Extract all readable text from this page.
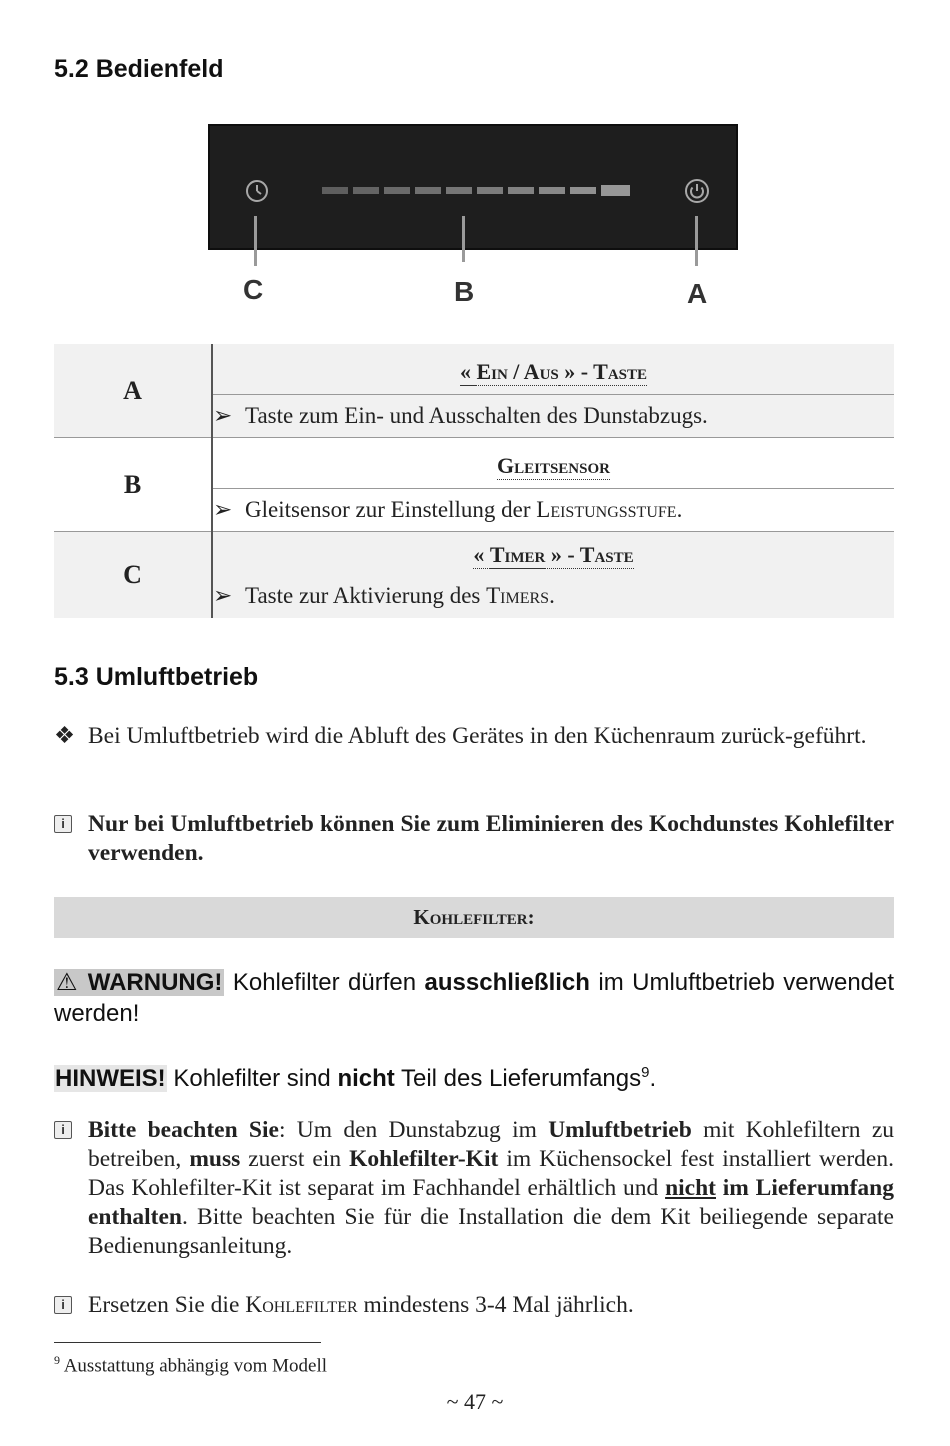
5.2 Bedienfeld
C	B	A
A	« Ein / Aus » - Taste
	➢ Taste zum Ein- und Ausschalten des Dunstabzugs.
B	Gleitsensor
	➢ Gleitsensor zur Einstellung der Leistungsstufe.
C	« Timer » - Taste
	➢ Taste zur Aktivierung des Timers.
5.3 Umluftbetrieb
❖ Bei Umluftbetrieb wird die Abluft des Gerätes in den Küchenraum zurück-geführt.
i Nur bei Umluftbetrieb können Sie zum Eliminieren des Kochdunstes Kohlefilter verwenden.
Kohlefilter:
⚠ WARNUNG! Kohlefilter dürfen ausschließlich im Umluftbetrieb verwendet werden!
HINWEIS! Kohlefilter sind nicht Teil des Lieferumfangs$^9$.
i Bitte beachten Sie: Um den Dunstabzug im Umluftbetrieb mit Kohlefiltern zu betreiben, muss zuerst ein Kohlefilter-Kit im Küchensockel fest installiert werden. Das Kohlefilter-Kit ist separat im Fachhandel erhältlich und nicht im Lieferumfang enthalten. Bitte beachten Sie für die Installation die dem Kit beiliegende separate Bedienungsanleitung.
i Ersetzen Sie die Kohlefilter mindestens 3-4 Mal jährlich.
$^9$ Ausstattung abhängig vom Modell
~ 47 ~
